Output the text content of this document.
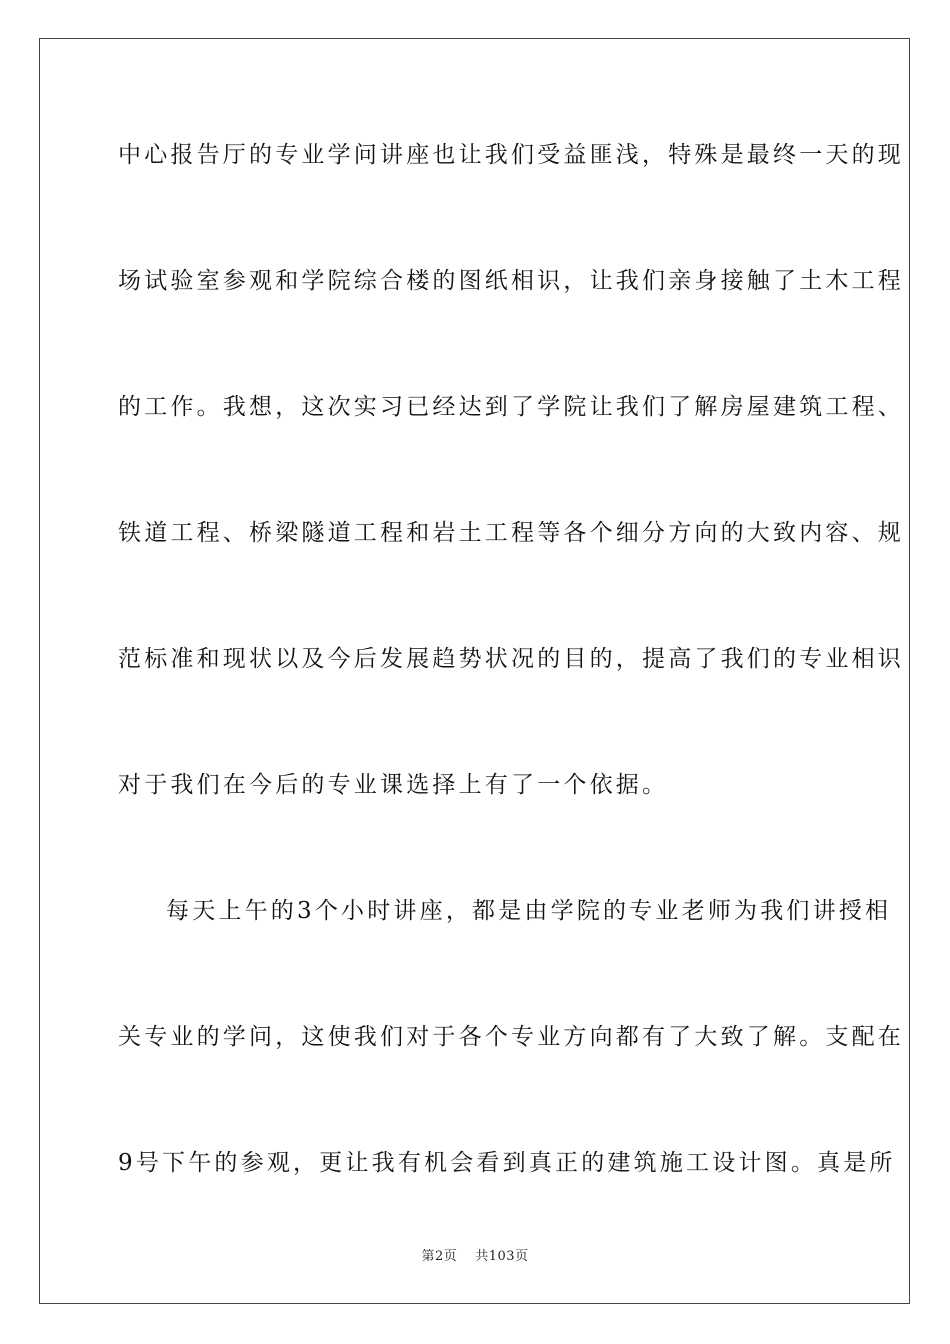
中心报告厅的专业学问讲座也让我们受益匪浅，特殊是最终一天的现

场试验室参观和学院综合楼的图纸相识，让我们亲身接触了土木工程

的工作。我想，这次实习已经达到了学院让我们了解房屋建筑工程、

铁道工程、桥梁隧道工程和岩土工程等各个细分方向的大致内容、规

范标准和现状以及今后发展趋势状况的目的，提高了我们的专业相识

对于我们在今后的专业课选择上有了一个依据。

每天上午的3个小时讲座，都是由学院的专业老师为我们讲授相

关专业的学问，这使我们对于各个专业方向都有了大致了解。支配在

9号下午的参观，更让我有机会看到真正的建筑施工设计图。真是所

第2页 共103页
